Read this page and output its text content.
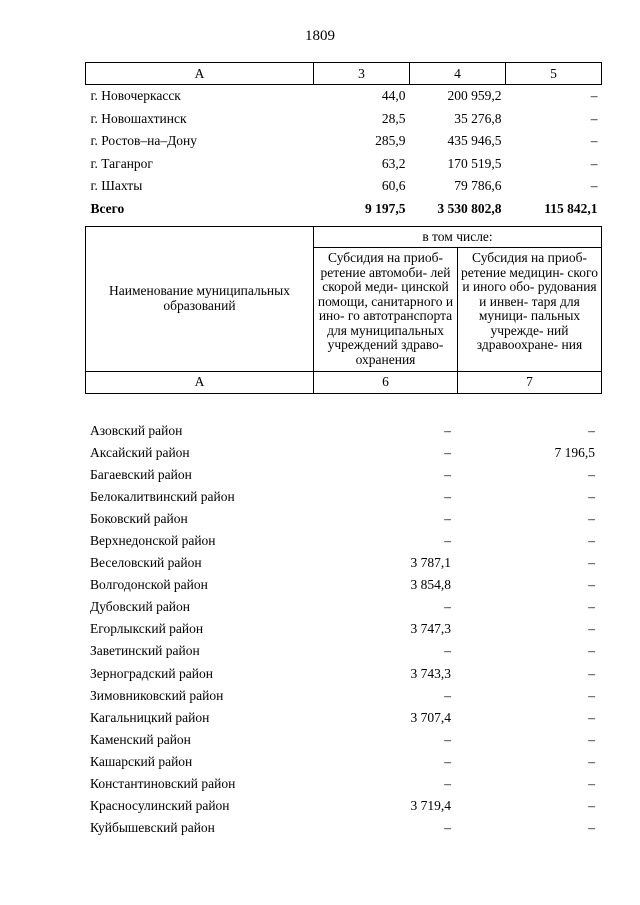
1809
А	3	4	5
г. Новочеркасск	44,0	200 959,2	–
г. Новошахтинск	28,5	35 276,8	–
г. Ростов–на–Дону	285,9	435 946,5	–
г. Таганрог	63,2	170 519,5	–
г. Шахты	60,6	79 786,6	–
Всего	9 197,5	3 530 802,8	115 842,1
Наименование муниципальных образований	в том числе:	
	Субсидия на приоб- ретение автомоби- лей скорой меди- цинской помощи, санитарного и ино- го автотранспорта для муниципальных учреждений здраво- охранения	Субсидия на приоб- ретение медицин- ского и иного обо- рудования и инвен- таря для муници- пальных учрежде- ний здравоохране- ния
А	6	7
Азовский район	–	–
Аксайский район	–	7 196,5
Багаевский район	–	–
Белокалитвинский район	–	–
Боковский район	–	–
Верхнедонской район	–	–
Веселовский район	3 787,1	–
Волгодонской район	3 854,8	–
Дубовский район	–	–
Егорлыкский район	3 747,3	–
Заветинский район	–	–
Зерноградский район	3 743,3	–
Зимовниковский район	–	–
Кагальницкий район	3 707,4	–
Каменский район	–	–
Кашарский район	–	–
Константиновский район	–	–
Красносулинский район	3 719,4	–
Куйбышевский район	–	–
